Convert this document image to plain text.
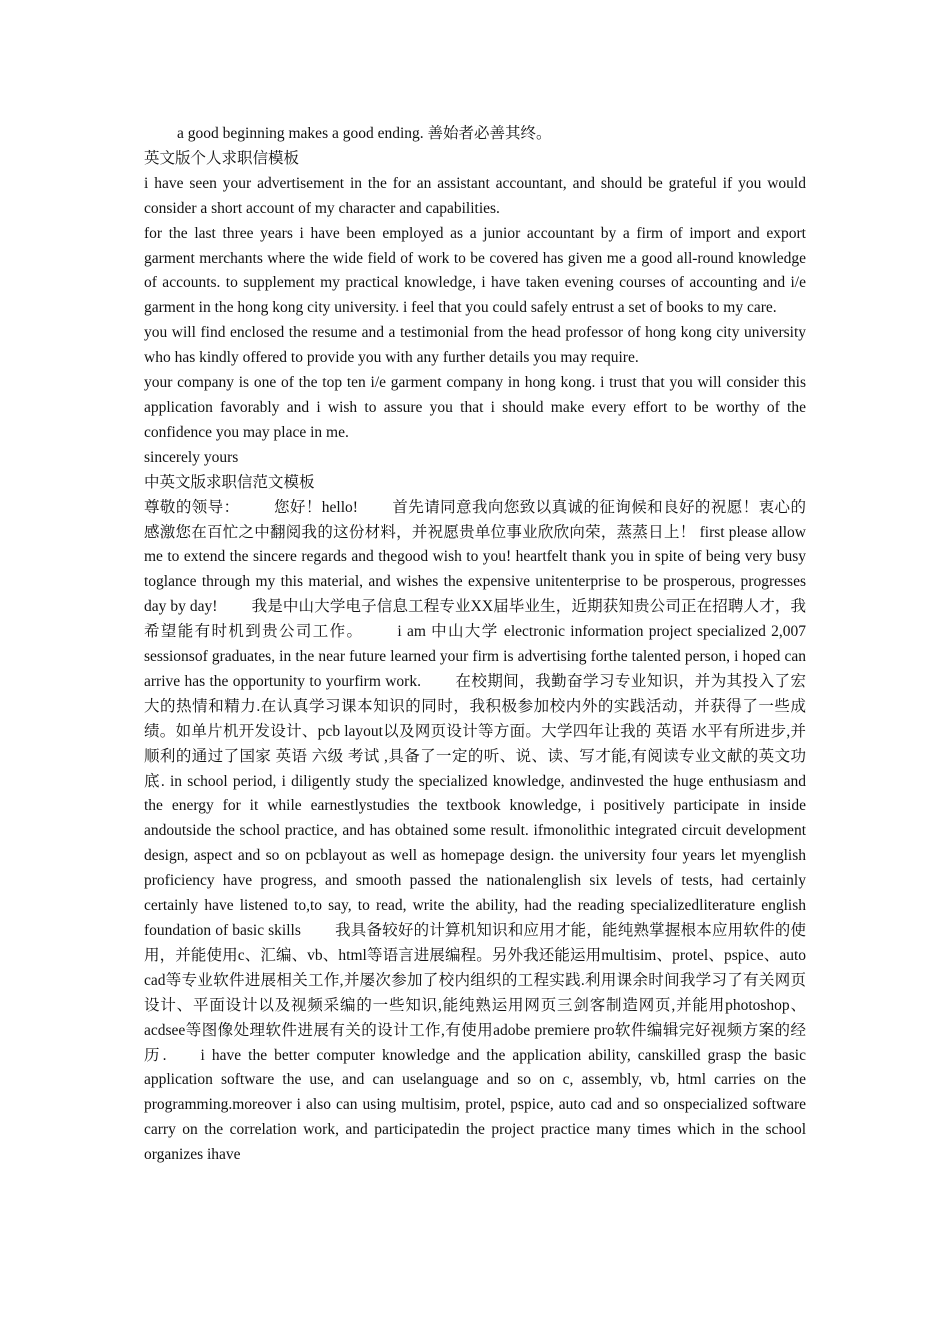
a good beginning makes a good ending. 善始者必善其终。

英文版个人求职信模板

i have seen your advertisement in the for an assistant accountant, and should be grateful if you would consider a short account of my character and capabilities.

for the last three years i have been employed as a junior accountant by a firm of import and export garment merchants where the wide field of work to be covered has given me a good all-round knowledge of accounts. to supplement my practical knowledge, i have taken evening courses of accounting and i/e garment in the hong kong city university. i feel that you could safely entrust a set of books to my care.

you will find enclosed the resume and a testimonial from the head professor of hong kong city university who has kindly offered to provide you with any further details you may require.

your company is one of the top ten i/e garment company in hong kong. i trust that you will consider this application favorably and i wish to assure you that i should make every effort to be worthy of the confidence you may place in me.

sincerely yours

中英文版求职信范文模板

尊敬的领导： 您好！hello! 首先请同意我向您致以真诚的征询候和良好的祝愿！衷心的感激您在百忙之中翻阅我的这份材料，并祝愿贵单位事业欣欣向荣，蒸蒸日上！ first please allow me to extend the sincere regards and thegood wish to you! heartfelt thank you in spite of being very busy toglance through my this material, and wishes the expensive unitenterprise to be prosperous, progresses day by day! 我是中山大学电子信息工程专业XX届毕业生，近期获知贵公司正在招聘人才，我希望能有时机到贵公司工作。 i am 中山大学 electronic information project specialized 2,007 sessionsof graduates, in the near future learned your firm is advertising forthe talented person, i hoped can arrive has the opportunity to yourfirm work. 在校期间，我勤奋学习专业知识，并为其投入了宏大的热情和精力.在认真学习课本知识的同时，我积极参加校内外的实践活动，并获得了一些成绩。如单片机开发设计、pcb layout以及网页设计等方面。大学四年让我的 英语 水平有所进步,并顺利的通过了国家 英语 六级 考试 ,具备了一定的听、说、读、写才能,有阅读专业文献的英文功底. in school period, i diligently study the specialized knowledge, andinvested the huge enthusiasm and the energy for it while earnestlystudies the textbook knowledge, i positively participate in inside andoutside the school practice, and has obtained some result. ifmonolithic integrated circuit development design, aspect and so on pcblayout as well as homepage design. the university four years let myenglish proficiency have progress, and smooth passed the nationalenglish six levels of tests, had certainly certainly have listened to,to say, to read, write the ability, had the reading specializedliterature english foundation of basic skills 我具备较好的计算机知识和应用才能，能纯熟掌握根本应用软件的使用，并能使用c、汇编、vb、html等语言进展编程。另外我还能运用multisim、protel、pspice、auto cad等专业软件进展相关工作,并屡次参加了校内组织的工程实践.利用课余时间我学习了有关网页设计、平面设计以及视频采编的一些知识,能纯熟运用网页三剑客制造网页,并能用photoshop、acdsee等图像处理软件进展有关的设计工作,有使用adobe premiere pro软件编辑完好视频方案的经历. i have the better computer knowledge and the application ability, canskilled grasp the basic application software the use, and can uselanguage and so on c, assembly, vb, html carries on the programming.moreover i also can using multisim, protel, pspice, auto cad and so onspecialized software carry on the correlation work, and participatedin the project practice many times which in the school organizes ihave
